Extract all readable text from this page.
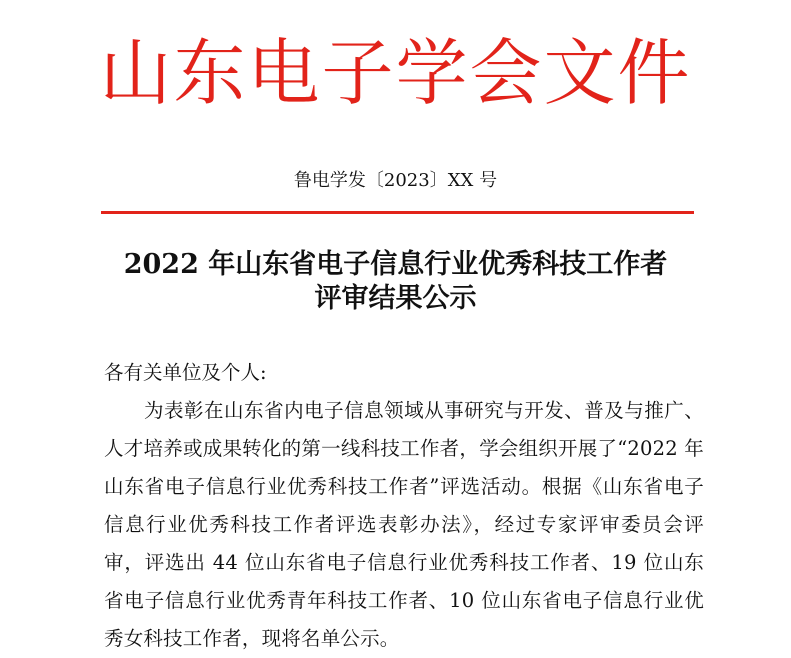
山东电子学会文件
鲁电学发〔2023〕XX 号
2022 年山东省电子信息行业优秀科技工作者
评审结果公示
各有关单位及个人:
为表彰在山东省内电子信息领域从事研究与开发、普及与推广、人才培养或成果转化的第一线科技工作者，学会组织开展了“2022 年山东省电子信息行业优秀科技工作者”评选活动。根据《山东省电子信息行业优秀科技工作者评选表彰办法》，经过专家评审委员会评审，评选出 44 位山东省电子信息行业优秀科技工作者、19 位山东省电子信息行业优秀青年科技工作者、10 位山东省电子信息行业优秀女科技工作者，现将名单公示。
